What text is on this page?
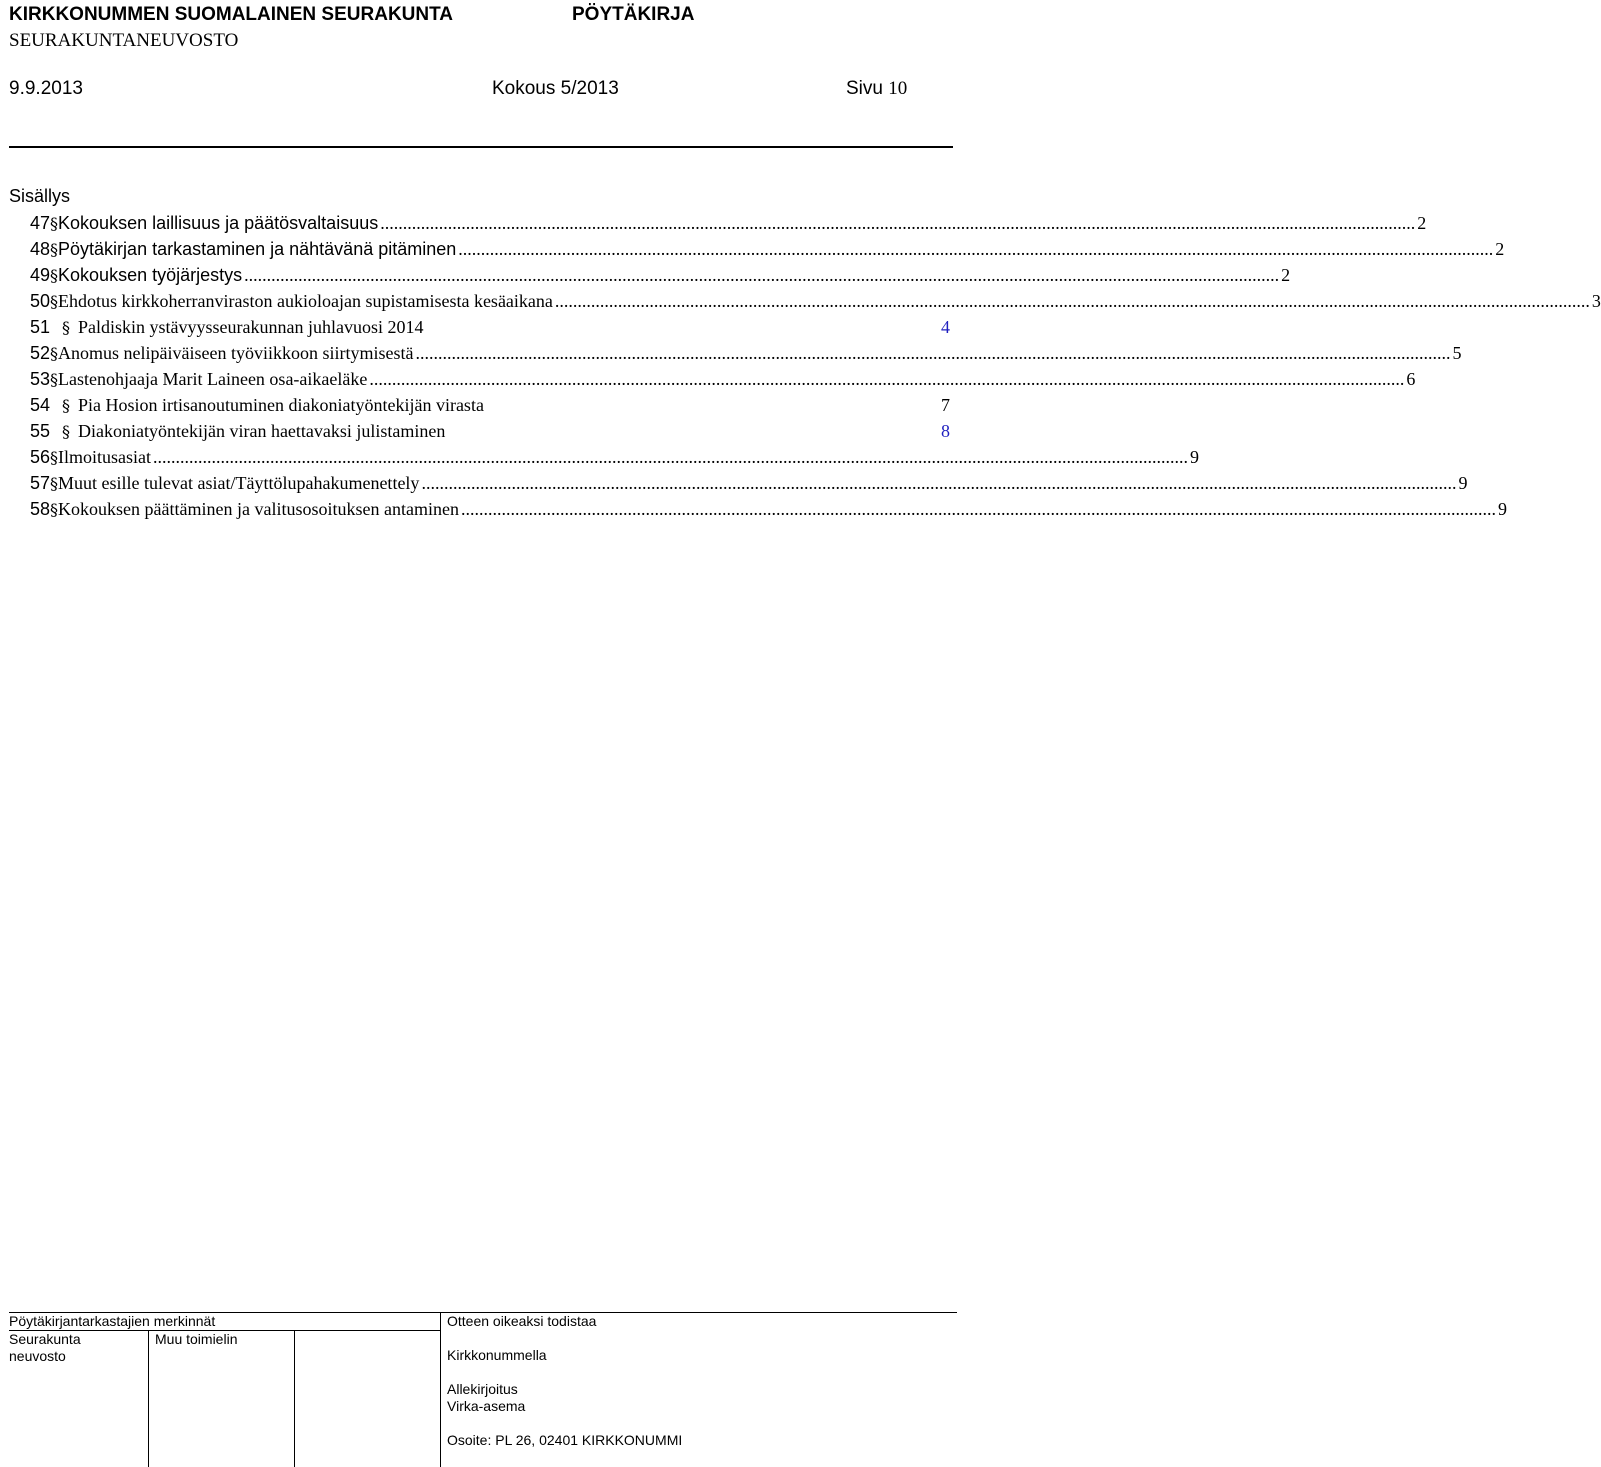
KIRKKONUMMEN SUOMALAINEN SEURAKUNTA	PÖYTÄKIRJA
SEURAKUNTANEUVOSTO
9.9.2013	Kokous 5/2013	Sivu 10
Sisällys
47 § Kokouksen laillisuus ja päätösvaltaisuus .....	2
48 § Pöytäkirjan tarkastaminen ja nähtävänä pitäminen .....	2
49 § Kokouksen työjärjestys .....	2
50 § Ehdotus kirkkoherranviraston aukioloajan supistamisesta kesäaikana .....	3
51 § Paldiskin ystävyysseurakunnan juhlavuosi 2014	4
52 § Anomus nelipäiväiseen työviikkoon siirtymisestä .....	5
53 § Lastenohjaaja Marit Laineen osa-aikaeläke .....	6
54 § Pia Hosion irtisanoutuminen diakoniatyöntekijän virasta	7
55 § Diakoniatyöntekijän viran haettavaksi julistaminen	8
56 § Ilmoitusasiat .....	9
57 § Muut esille tulevat asiat/Täyttölupahakumenettely .....	9
58 § Kokouksen päättäminen ja valitusosoituksen antaminen .....	9
Pöytäkirjantarkastajien merkinnät
Seurakunta
neuvosto
Muu toimielin
Otteen oikeaksi todistaa
Kirkkonummella
Allekirjoitus
Virka-asema
Osoite: PL 26, 02401 KIRKKONUMMI
